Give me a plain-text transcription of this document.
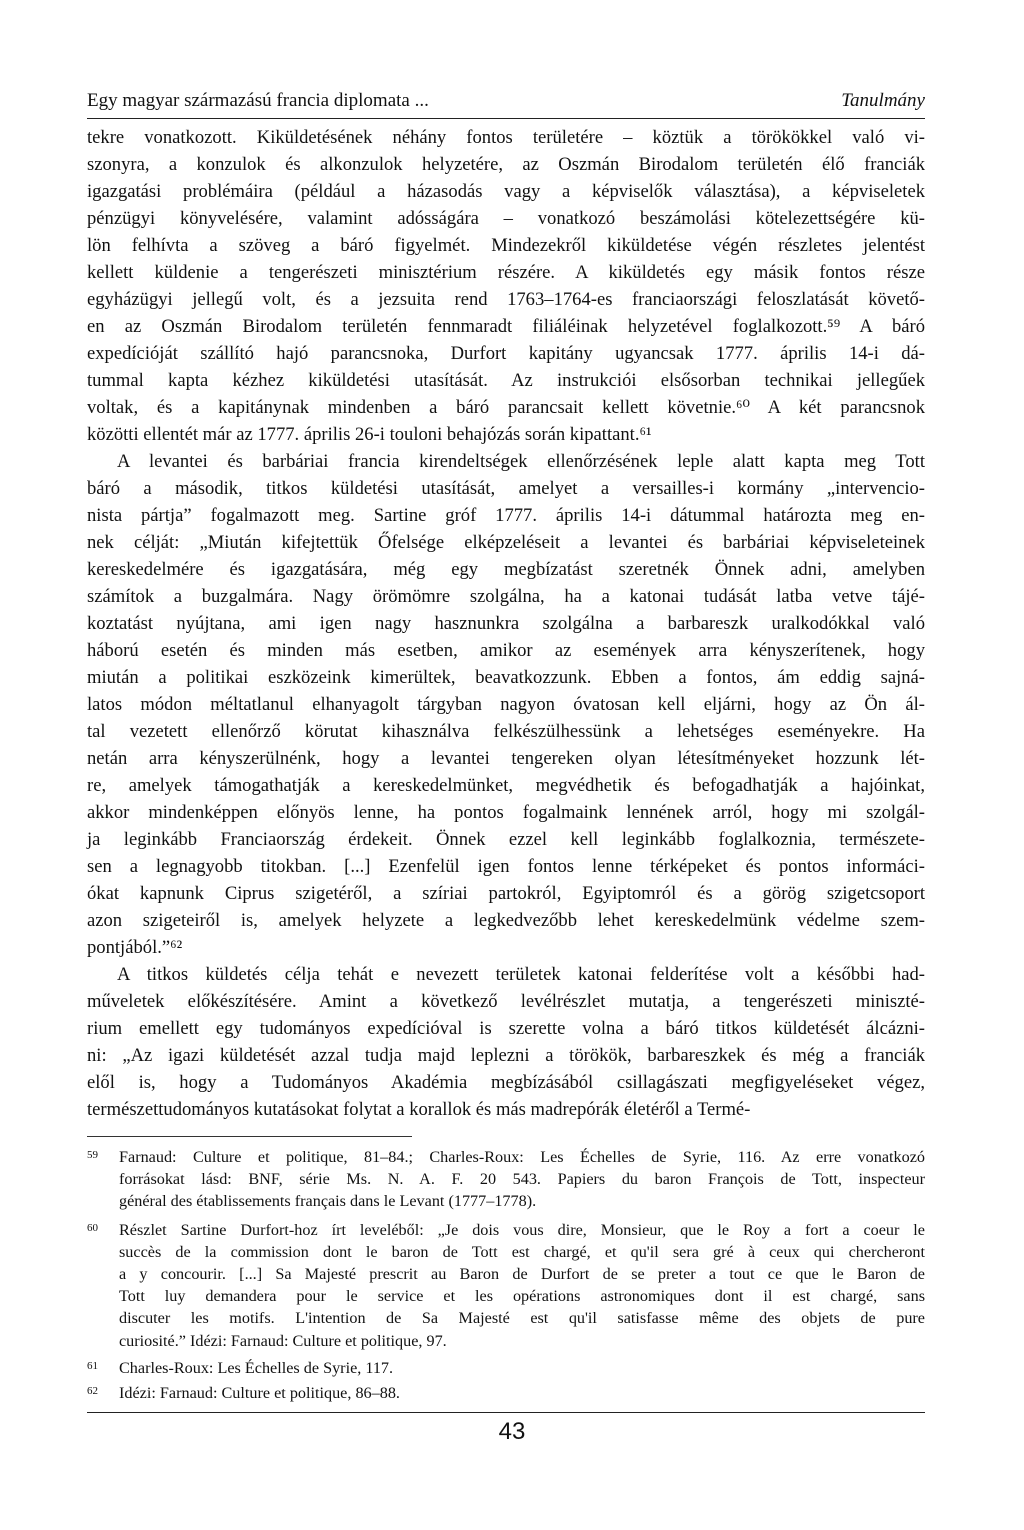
Egy magyar származású francia diplomata ...	Tanulmány
tekre vonatkozott. Kiküldetésének néhány fontos területére – köztük a törökökkel való vi-
szonyra, a konzulok és alkonzulok helyzetére, az Oszmán Birodalom területén élő franciák
igazgatási problémáira (például a házasodás vagy a képviselők választása), a képviseletek
pénzügyi könyvelésére, valamint adósságára – vonatkozó beszámolási kötelezettségére kü-
lön felhívta a szöveg a báró figyelmét. Mindezekről kiküldetése végén részletes jelentést
kellett küldenie a tengerészeti minisztérium részére. A kiküldetés egy másik fontos része
egyházügyi jellegű volt, és a jezsuita rend 1763–1764-es franciaországi feloszlatását követő-
en az Oszmán Birodalom területén fennmaradt filiáléinak helyzetével foglalkozott.⁵⁹ A báró
expedícióját szállító hajó parancsnoka, Durfort kapitány ugyancsak 1777. április 14-i dá-
tummal kapta kézhez kiküldetési utasítását. Az instrukciói elsősorban technikai jellegűek
voltak, és a kapitánynak mindenben a báró parancsait kellett követnie.⁶⁰ A két parancsnok
közötti ellentét már az 1777. április 26-i touloni behajózás során kipattant.⁶¹
A levantei és barbáriai francia kirendeltségek ellenőrzésének leple alatt kapta meg Tott
báró a második, titkos küldetési utasítását, amelyet a versailles-i kormány „intervencio-
nista pártja” fogalmazott meg. Sartine gróf 1777. április 14-i dátummal határozta meg en-
nek célját: „Miután kifejtettük Őfelsége elképzeléseit a levantei és barbáriai képviseleteinek
kereskedelmére és igazgatására, még egy megbízatást szeretnék Önnek adni, amelyben
számítok a buzgalmára. Nagy örömömre szolgálna, ha a katonai tudását latba vetve tájé-
koztatást nyújtana, ami igen nagy hasznunkra szolgálna a barbareszk uralkodókkal való
háború esetén és minden más esetben, amikor az események arra kényszerítenek, hogy
miután a politikai eszközeink kimerültek, beavatkozzunk. Ebben a fontos, ám eddig sajná-
latos módon méltatlanul elhanyagolt tárgyban nagyon óvatosan kell eljárni, hogy az Ön ál-
tal vezetett ellenőrző körutat kihasználva felkészülhessünk a lehetséges eseményekre. Ha
netán arra kényszerülnénk, hogy a levantei tengereken olyan létesítményeket hozzunk lét-
re, amelyek támogathatják a kereskedelmünket, megvédhetik és befogadhatják a hajóinkat,
akkor mindenképpen előnyös lenne, ha pontos fogalmaink lennének arról, hogy mi szolgál-
ja leginkább Franciaország érdekeit. Önnek ezzel kell leginkább foglalkoznia, természete-
sen a legnagyobb titokban. [...] Ezenfelül igen fontos lenne térképeket és pontos informáci-
ókat kapnunk Ciprus szigetéről, a szíriai partokról, Egyiptomról és a görög szigetcsoport
azon szigeteiről is, amelyek helyzete a legkedvezőbb lehet kereskedelmünk védelme szem-
pontjából.”⁶²
A titkos küldetés célja tehát e nevezett területek katonai felderítése volt a későbbi had-
műveletek előkészítésére. Amint a következő levélrészlet mutatja, a tengerészeti miniszté-
rium emellett egy tudományos expedícióval is szerette volna a báró titkos küldetését álcázni-
ni: „Az igazi küldetését azzal tudja majd leplezni a törökök, barbareszkek és még a franciák
elől is, hogy a Tudományos Akadémia megbízásából csillagászati megfigyeléseket végez,
természettudományos kutatásokat folytat a korallok és más madrepórák életéről a Termé-
59 Farnaud: Culture et politique, 81–84.; Charles-Roux: Les Échelles de Syrie, 116. Az erre vonatkozó
forrásokat lásd: BNF, série Ms. N. A. F. 20 543. Papiers du baron François de Tott, inspecteur
général des établissements français dans le Levant (1777–1778).
60 Részlet Sartine Durfort-hoz írt leveléből: „Je dois vous dire, Monsieur, que le Roy a fort a coeur le
succès de la commission dont le baron de Tott est chargé, et qu'il sera gré à ceux qui chercheront
a y concourir. [...] Sa Majesté prescrit au Baron de Durfort de se preter a tout ce que le Baron de
Tott luy demandera pour le service et les opérations astronomiques dont il est chargé, sans
discuter les motifs. L'intention de Sa Majesté est qu'il satisfasse même des objets de pure
curiosité.” Idézi: Farnaud: Culture et politique, 97.
61 Charles-Roux: Les Échelles de Syrie, 117.
62 Idézi: Farnaud: Culture et politique, 86–88.
43
